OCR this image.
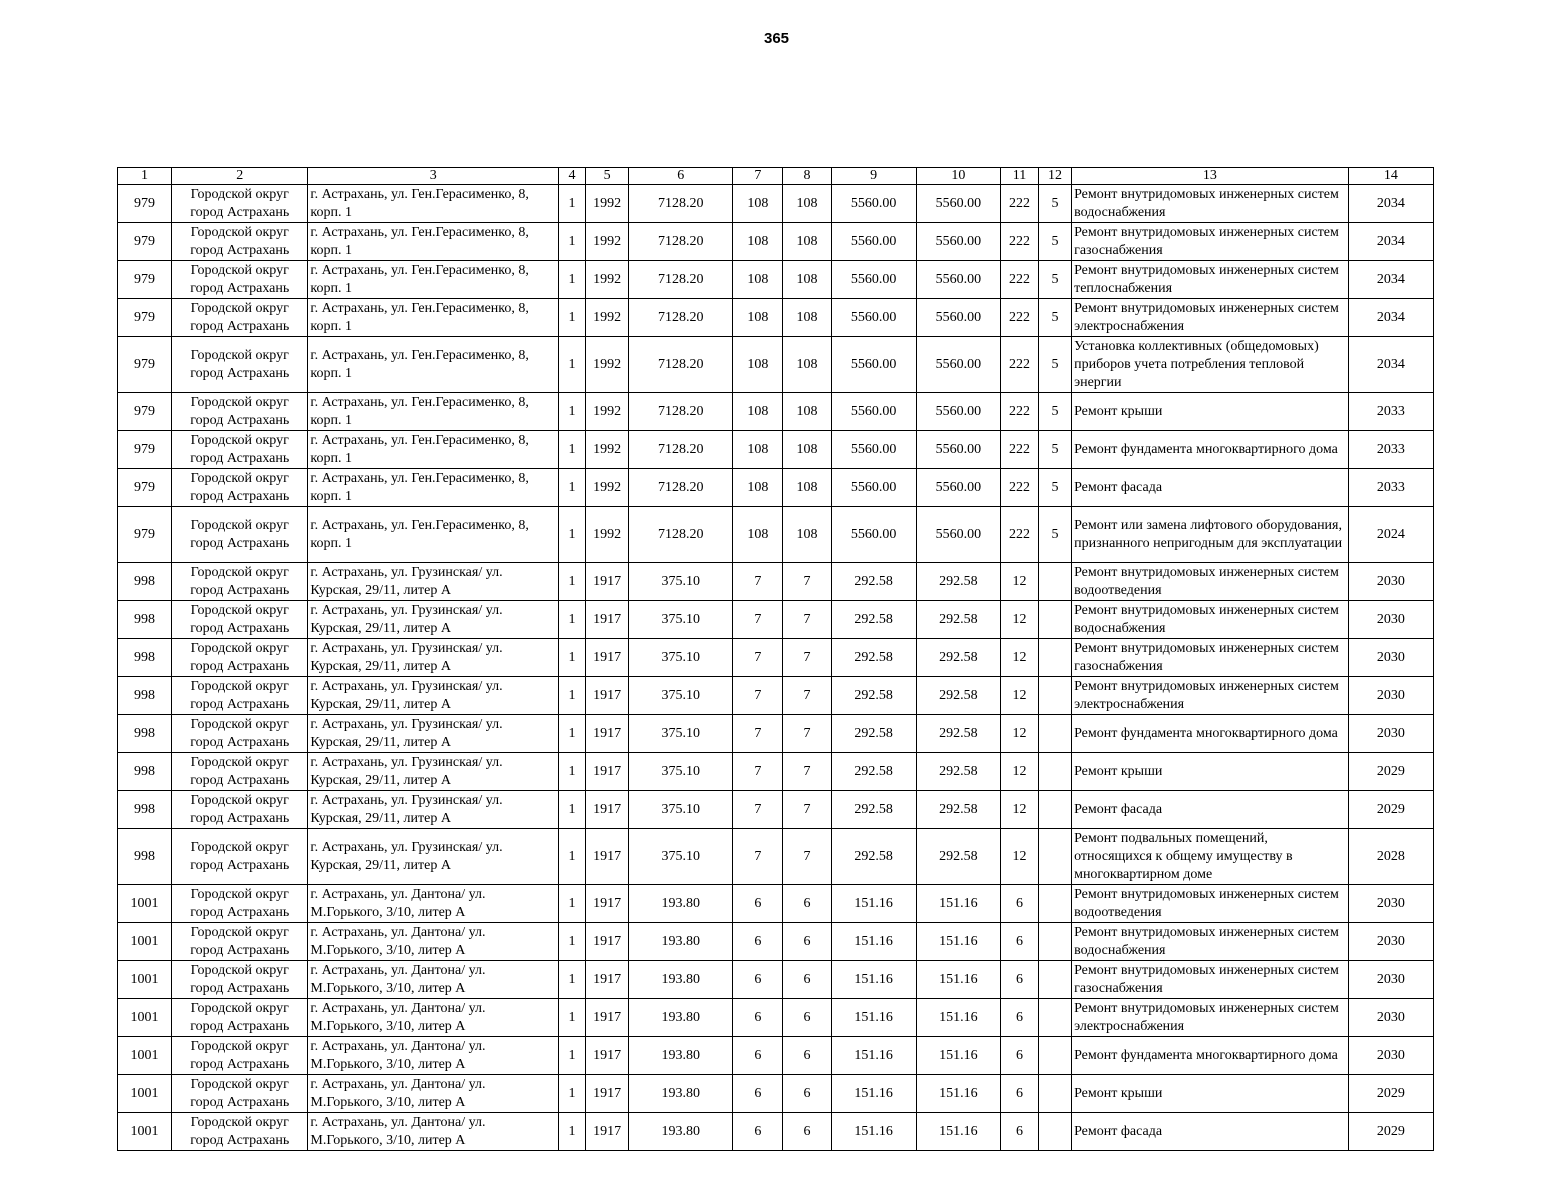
365
1	2	3	4	5	6	7	8	9	10	11	12	13	14
979	Городской округ город Астрахань	г. Астрахань, ул. Ген.Герасименко, 8, корп. 1	1	1992	7128.20	108	108	5560.00	5560.00	222	5	Ремонт внутридомовых инженерных систем водоснабжения	2034
979	Городской округ город Астрахань	г. Астрахань, ул. Ген.Герасименко, 8, корп. 1	1	1992	7128.20	108	108	5560.00	5560.00	222	5	Ремонт внутридомовых инженерных систем газоснабжения	2034
979	Городской округ город Астрахань	г. Астрахань, ул. Ген.Герасименко, 8, корп. 1	1	1992	7128.20	108	108	5560.00	5560.00	222	5	Ремонт внутридомовых инженерных систем теплоснабжения	2034
979	Городской округ город Астрахань	г. Астрахань, ул. Ген.Герасименко, 8, корп. 1	1	1992	7128.20	108	108	5560.00	5560.00	222	5	Ремонт внутридомовых инженерных систем электроснабжения	2034
979	Городской округ город Астрахань	г. Астрахань, ул. Ген.Герасименко, 8, корп. 1	1	1992	7128.20	108	108	5560.00	5560.00	222	5	Установка коллективных (общедомовых) приборов учета потребления тепловой энергии	2034
979	Городской округ город Астрахань	г. Астрахань, ул. Ген.Герасименко, 8, корп. 1	1	1992	7128.20	108	108	5560.00	5560.00	222	5	Ремонт крыши	2033
979	Городской округ город Астрахань	г. Астрахань, ул. Ген.Герасименко, 8, корп. 1	1	1992	7128.20	108	108	5560.00	5560.00	222	5	Ремонт фундамента многоквартирного дома	2033
979	Городской округ город Астрахань	г. Астрахань, ул. Ген.Герасименко, 8, корп. 1	1	1992	7128.20	108	108	5560.00	5560.00	222	5	Ремонт фасада	2033
979	Городской округ город Астрахань	г. Астрахань, ул. Ген.Герасименко, 8, корп. 1	1	1992	7128.20	108	108	5560.00	5560.00	222	5	Ремонт или замена лифтового оборудования, признанного непригодным для эксплуатации	2024
998	Городской округ город Астрахань	г. Астрахань, ул. Грузинская/ ул. Курская, 29/11, литер А	1	1917	375.10	7	7	292.58	292.58	12		Ремонт внутридомовых инженерных систем водоотведения	2030
998	Городской округ город Астрахань	г. Астрахань, ул. Грузинская/ ул. Курская, 29/11, литер А	1	1917	375.10	7	7	292.58	292.58	12		Ремонт внутридомовых инженерных систем водоснабжения	2030
998	Городской округ город Астрахань	г. Астрахань, ул. Грузинская/ ул. Курская, 29/11, литер А	1	1917	375.10	7	7	292.58	292.58	12		Ремонт внутридомовых инженерных систем газоснабжения	2030
998	Городской округ город Астрахань	г. Астрахань, ул. Грузинская/ ул. Курская, 29/11, литер А	1	1917	375.10	7	7	292.58	292.58	12		Ремонт внутридомовых инженерных систем электроснабжения	2030
998	Городской округ город Астрахань	г. Астрахань, ул. Грузинская/ ул. Курская, 29/11, литер А	1	1917	375.10	7	7	292.58	292.58	12		Ремонт фундамента многоквартирного дома	2030
998	Городской округ город Астрахань	г. Астрахань, ул. Грузинская/ ул. Курская, 29/11, литер А	1	1917	375.10	7	7	292.58	292.58	12		Ремонт крыши	2029
998	Городской округ город Астрахань	г. Астрахань, ул. Грузинская/ ул. Курская, 29/11, литер А	1	1917	375.10	7	7	292.58	292.58	12		Ремонт фасада	2029
998	Городской округ город Астрахань	г. Астрахань, ул. Грузинская/ ул. Курская, 29/11, литер А	1	1917	375.10	7	7	292.58	292.58	12		Ремонт подвальных помещений, относящихся к общему имуществу в многоквартирном доме	2028
1001	Городской округ город Астрахань	г. Астрахань, ул. Дантона/ ул. М.Горького, 3/10, литер А	1	1917	193.80	6	6	151.16	151.16	6		Ремонт внутридомовых инженерных систем водоотведения	2030
1001	Городской округ город Астрахань	г. Астрахань, ул. Дантона/ ул. М.Горького, 3/10, литер А	1	1917	193.80	6	6	151.16	151.16	6		Ремонт внутридомовых инженерных систем водоснабжения	2030
1001	Городской округ город Астрахань	г. Астрахань, ул. Дантона/ ул. М.Горького, 3/10, литер А	1	1917	193.80	6	6	151.16	151.16	6		Ремонт внутридомовых инженерных систем газоснабжения	2030
1001	Городской округ город Астрахань	г. Астрахань, ул. Дантона/ ул. М.Горького, 3/10, литер А	1	1917	193.80	6	6	151.16	151.16	6		Ремонт внутридомовых инженерных систем электроснабжения	2030
1001	Городской округ город Астрахань	г. Астрахань, ул. Дантона/ ул. М.Горького, 3/10, литер А	1	1917	193.80	6	6	151.16	151.16	6		Ремонт фундамента многоквартирного дома	2030
1001	Городской округ город Астрахань	г. Астрахань, ул. Дантона/ ул. М.Горького, 3/10, литер А	1	1917	193.80	6	6	151.16	151.16	6		Ремонт крыши	2029
1001	Городской округ город Астрахань	г. Астрахань, ул. Дантона/ ул. М.Горького, 3/10, литер А	1	1917	193.80	6	6	151.16	151.16	6		Ремонт фасада	2029
